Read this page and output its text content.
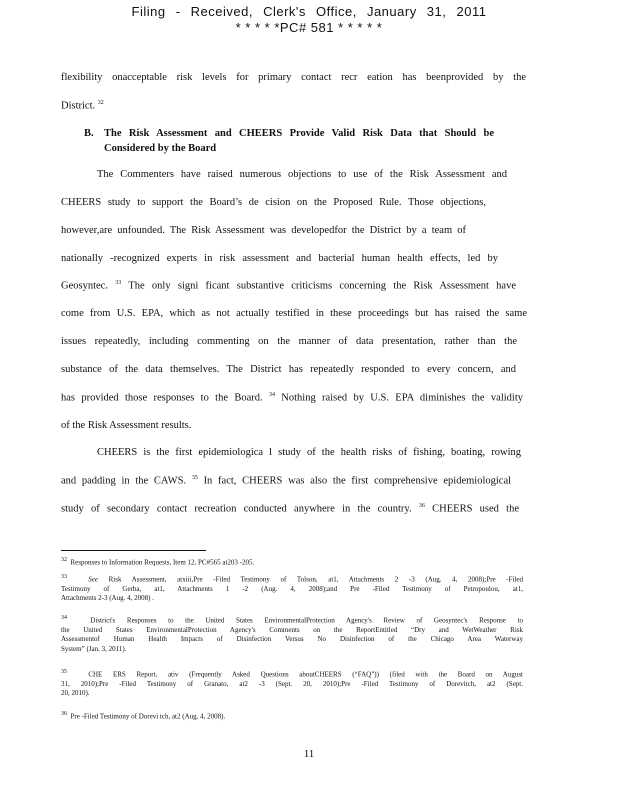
Filing - Received, Clerk's Office, January 31, 2011
* * * * *PC# 581 * * * * *
flexibility onacceptable risk levels for primary contact recr eation has beenprovided by the
District. $^{32}$
B. The Risk Assessment and CHEERS Provide Valid Risk Data that Should be
Considered by the Board
The Commenters have raised numerous objections to use of the Risk Assessment and
CHEERS study to support the Board’s de cision on the Proposed Rule. Those objections,
however,are unfounded. The Risk Assessment was developedfor the District by a team of
nationally -recognized experts in risk assessment and bacterial human health effects, led by
Geosyntec. $^{33}$ The only signi ficant substantive criticisms concerning the Risk Assessment have
come from U.S. EPA, which as not actually testified in these proceedings but has raised the same
issues repeatedly, including commenting on the manner of data presentation, rather than the
substance of the data themselves. The District has repeatedly responded to every concern, and
has provided those responses to the Board. $^{34}$ Nothing raised by U.S. EPA diminishes the validity
of the Risk Assessment results.
CHEERS is the first epidemiologica l study of the health risks of fishing, boating, rowing
and padding in the CAWS. $^{35}$ In fact, CHEERS was also the first comprehensive epidemiological
study of secondary contact recreation conducted anywhere in the country. $^{36}$ CHEERS used the
$^{32}$ Responses to Information Requests, Item 12, PC#565 at203 -205.
$^{33}$	See Risk Assessment, atxiii,Pre -Filed Testimony of Tolson, at1, Attachments 2 -3 (Aug. 4, 2008);Pre -Filed
Testimony of Gerba, at1, Attachments 1 -2 (Aug. 4, 2008);and Pre -Filed Testimony of Petropoulou, at1,
Attachments 2-3 (Aug. 4, 2008) .
$^{34}$	District's Responses to the United States EnvironmentalProtection Agency's Review of Geosyntec's Response to
the United States EnvironmentalProtection Agency's Comments on the ReportEntitled “Dry and WetWeather Risk
Assessmentof Human Health Impacts of Disinfection Versus No Disinfection of the Chicago Area Waterway
System” (Jan. 3, 2011).
$^{35}$	CHE ERS Report, ativ (Frequently Asked Questions aboutCHEERS (“FAQ”)) (filed with the Board on August
31, 2010);Pre -Filed Testimony of Granato, at2 -3 (Sept. 20, 2010);Pre -Filed Testimony of Dorevitch, at2 (Sept.
20, 2010).
$^{36}$ Pre -Filed Testimony of Dorevi tch, at2 (Aug. 4, 2008).
11
